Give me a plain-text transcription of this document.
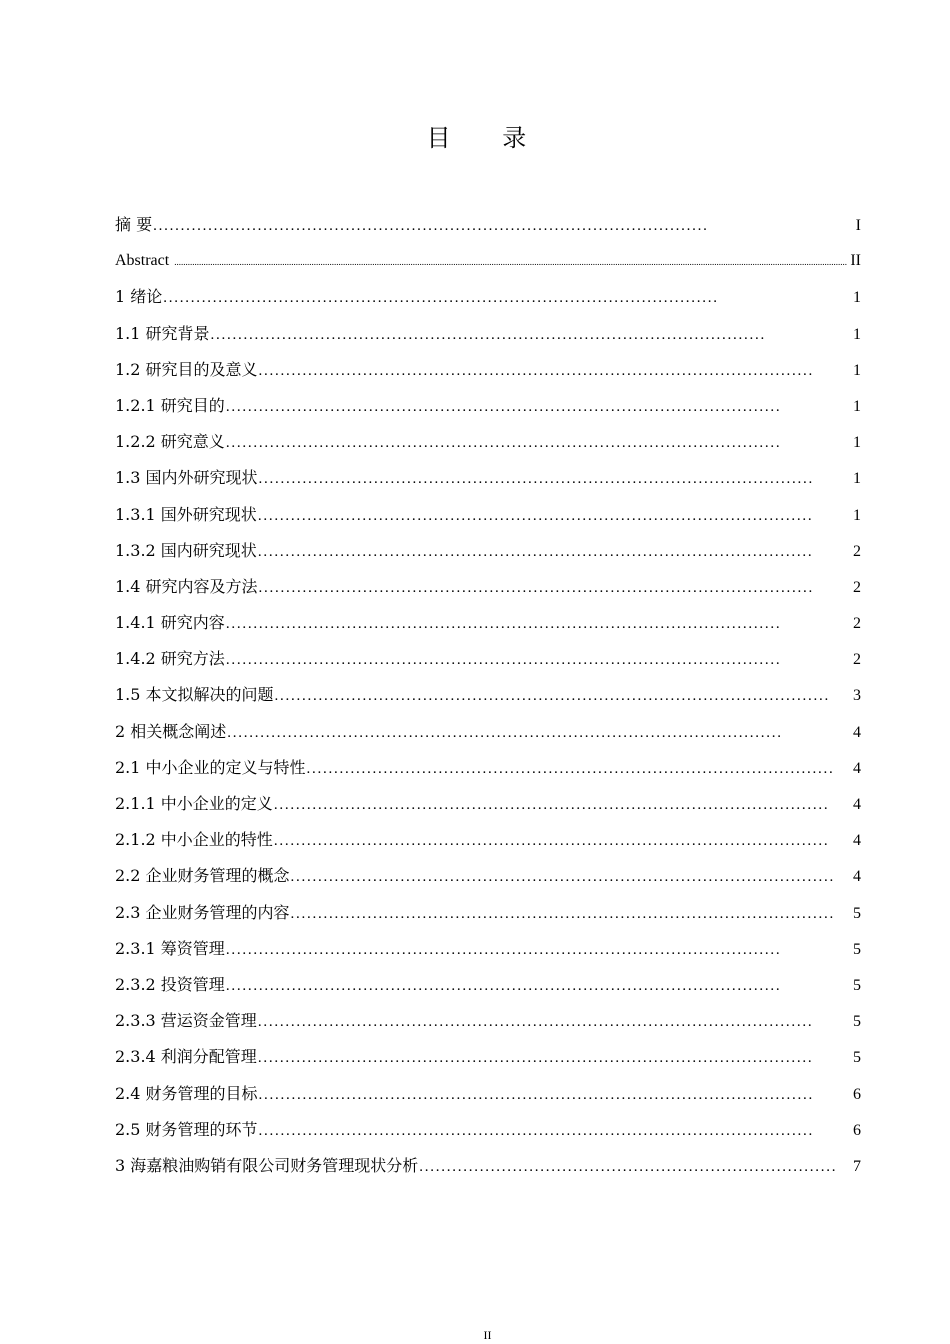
目 录
摘 要 . . .	I
Abstract .....	II
1 绪论 . . .	1
1.1 研究背景 . . .	1
1.2 研究目的及意义 . . .	1
1.2.1 研究目的 . . .	1
1.2.2 研究意义 . . .	1
1.3 国内外研究现状 . . .	1
1.3.1 国外研究现状 . . .	1
1.3.2 国内研究现状 . . .	2
1.4 研究内容及方法 . . .	2
1.4.1 研究内容 . . .	2
1.4.2 研究方法 . . .	2
1.5 本文拟解决的问题 . . .	3
2 相关概念阐述 . . .	4
2.1 中小企业的定义与特性 . . .	4
2.1.1 中小企业的定义 . . .	4
2.1.2 中小企业的特性 . . .	4
2.2 企业财务管理的概念 . . .	4
2.3 企业财务管理的内容 . . .	5
2.3.1 筹资管理 . . .	5
2.3.2 投资管理 . . .	5
2.3.3 营运资金管理 . . .	5
2.3.4 利润分配管理 . . .	5
2.4 财务管理的目标 . . .	6
2.5 财务管理的环节 . . .	6
3 海嘉粮油购销有限公司财务管理现状分析 . . .	7
II
